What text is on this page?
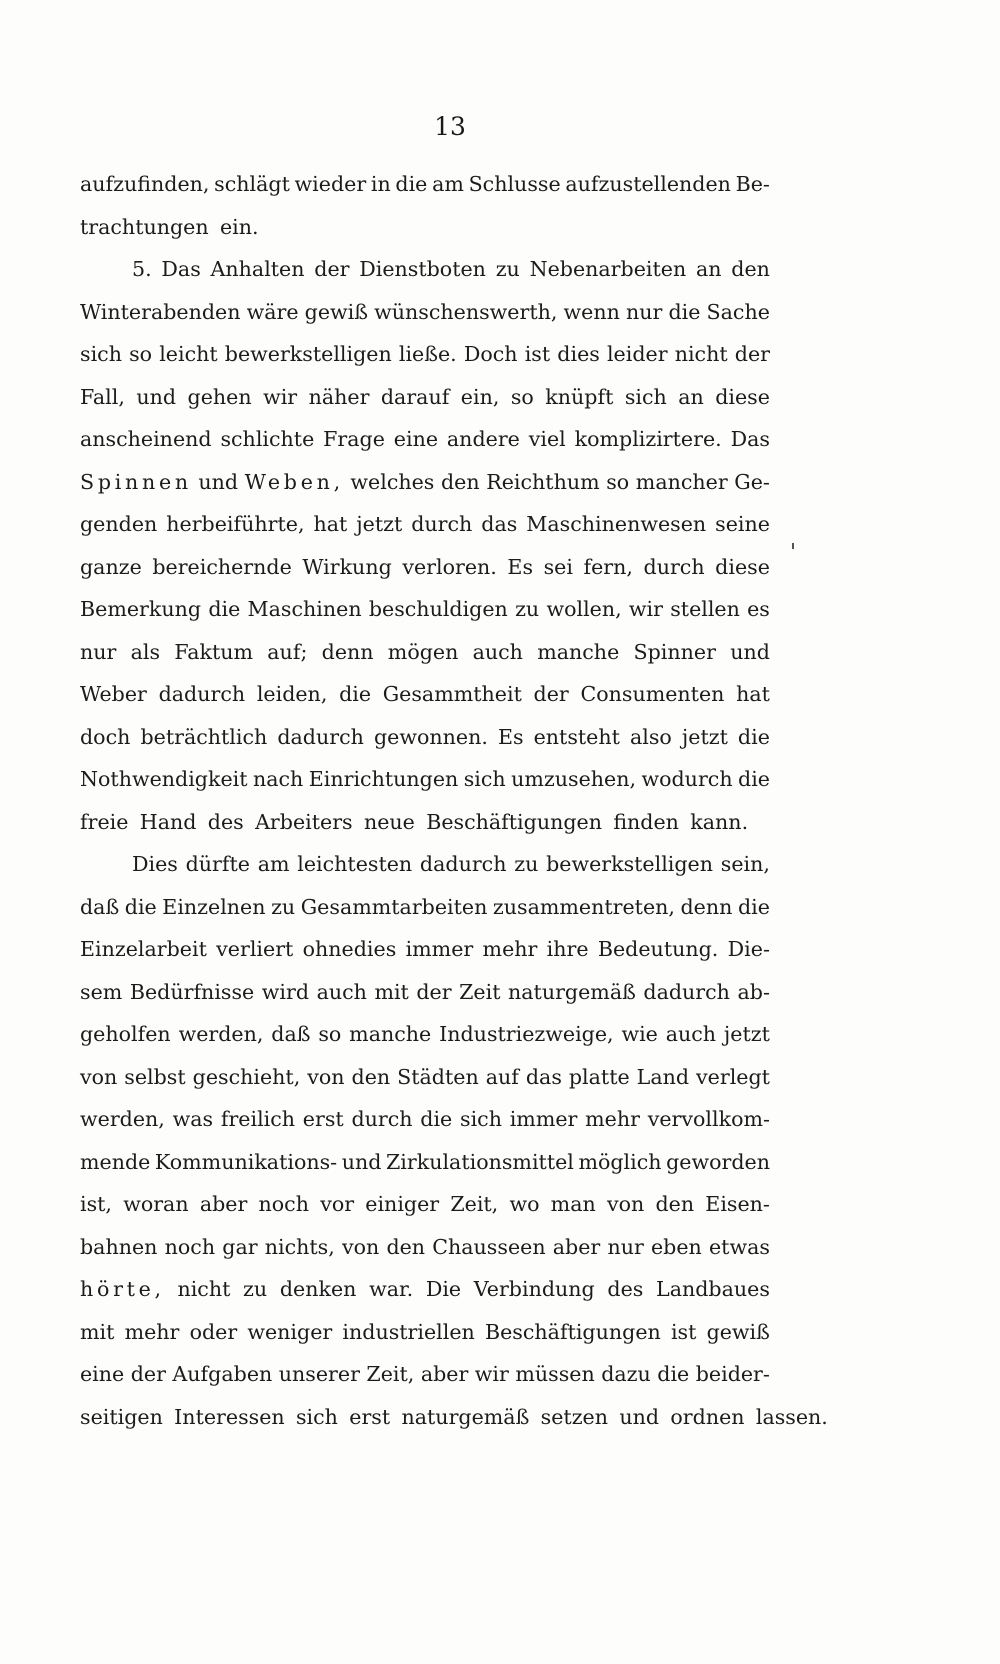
13
aufzufinden, schlägt wieder in die am Schlusse aufzustellenden Be-
trachtungen ein.
5. Das Anhalten der Dienstboten zu Nebenarbeiten an den
Winterabenden wäre gewiß wünschenswerth, wenn nur die Sache
sich so leicht bewerkstelligen ließe. Doch ist dies leider nicht der
Fall, und gehen wir näher darauf ein, so knüpft sich an diese
anscheinend schlichte Frage eine andere viel komplizirtere. Das
Spinnen und Weben, welches den Reichthum so mancher Ge-
genden herbeiführte, hat jetzt durch das Maschinenwesen seine
ganze bereichernde Wirkung verloren. Es sei fern, durch diese
Bemerkung die Maschinen beschuldigen zu wollen, wir stellen es
nur als Faktum auf; denn mögen auch manche Spinner und
Weber dadurch leiden, die Gesammtheit der Consumenten hat
doch beträchtlich dadurch gewonnen. Es entsteht also jetzt die
Nothwendigkeit nach Einrichtungen sich umzusehen, wodurch die
freie Hand des Arbeiters neue Beschäftigungen finden kann.
Dies dürfte am leichtesten dadurch zu bewerkstelligen sein,
daß die Einzelnen zu Gesammtarbeiten zusammentreten, denn die
Einzelarbeit verliert ohnedies immer mehr ihre Bedeutung. Die-
sem Bedürfnisse wird auch mit der Zeit naturgemäß dadurch ab-
geholfen werden, daß so manche Industriezweige, wie auch jetzt
von selbst geschieht, von den Städten auf das platte Land verlegt
werden, was freilich erst durch die sich immer mehr vervollkom-
mende Kommunikations- und Zirkulationsmittel möglich geworden
ist, woran aber noch vor einiger Zeit, wo man von den Eisen-
bahnen noch gar nichts, von den Chausseen aber nur eben etwas
hörte, nicht zu denken war. Die Verbindung des Landbaues
mit mehr oder weniger industriellen Beschäftigungen ist gewiß
eine der Aufgaben unserer Zeit, aber wir müssen dazu die beider-
seitigen Interessen sich erst naturgemäß setzen und ordnen lassen.
